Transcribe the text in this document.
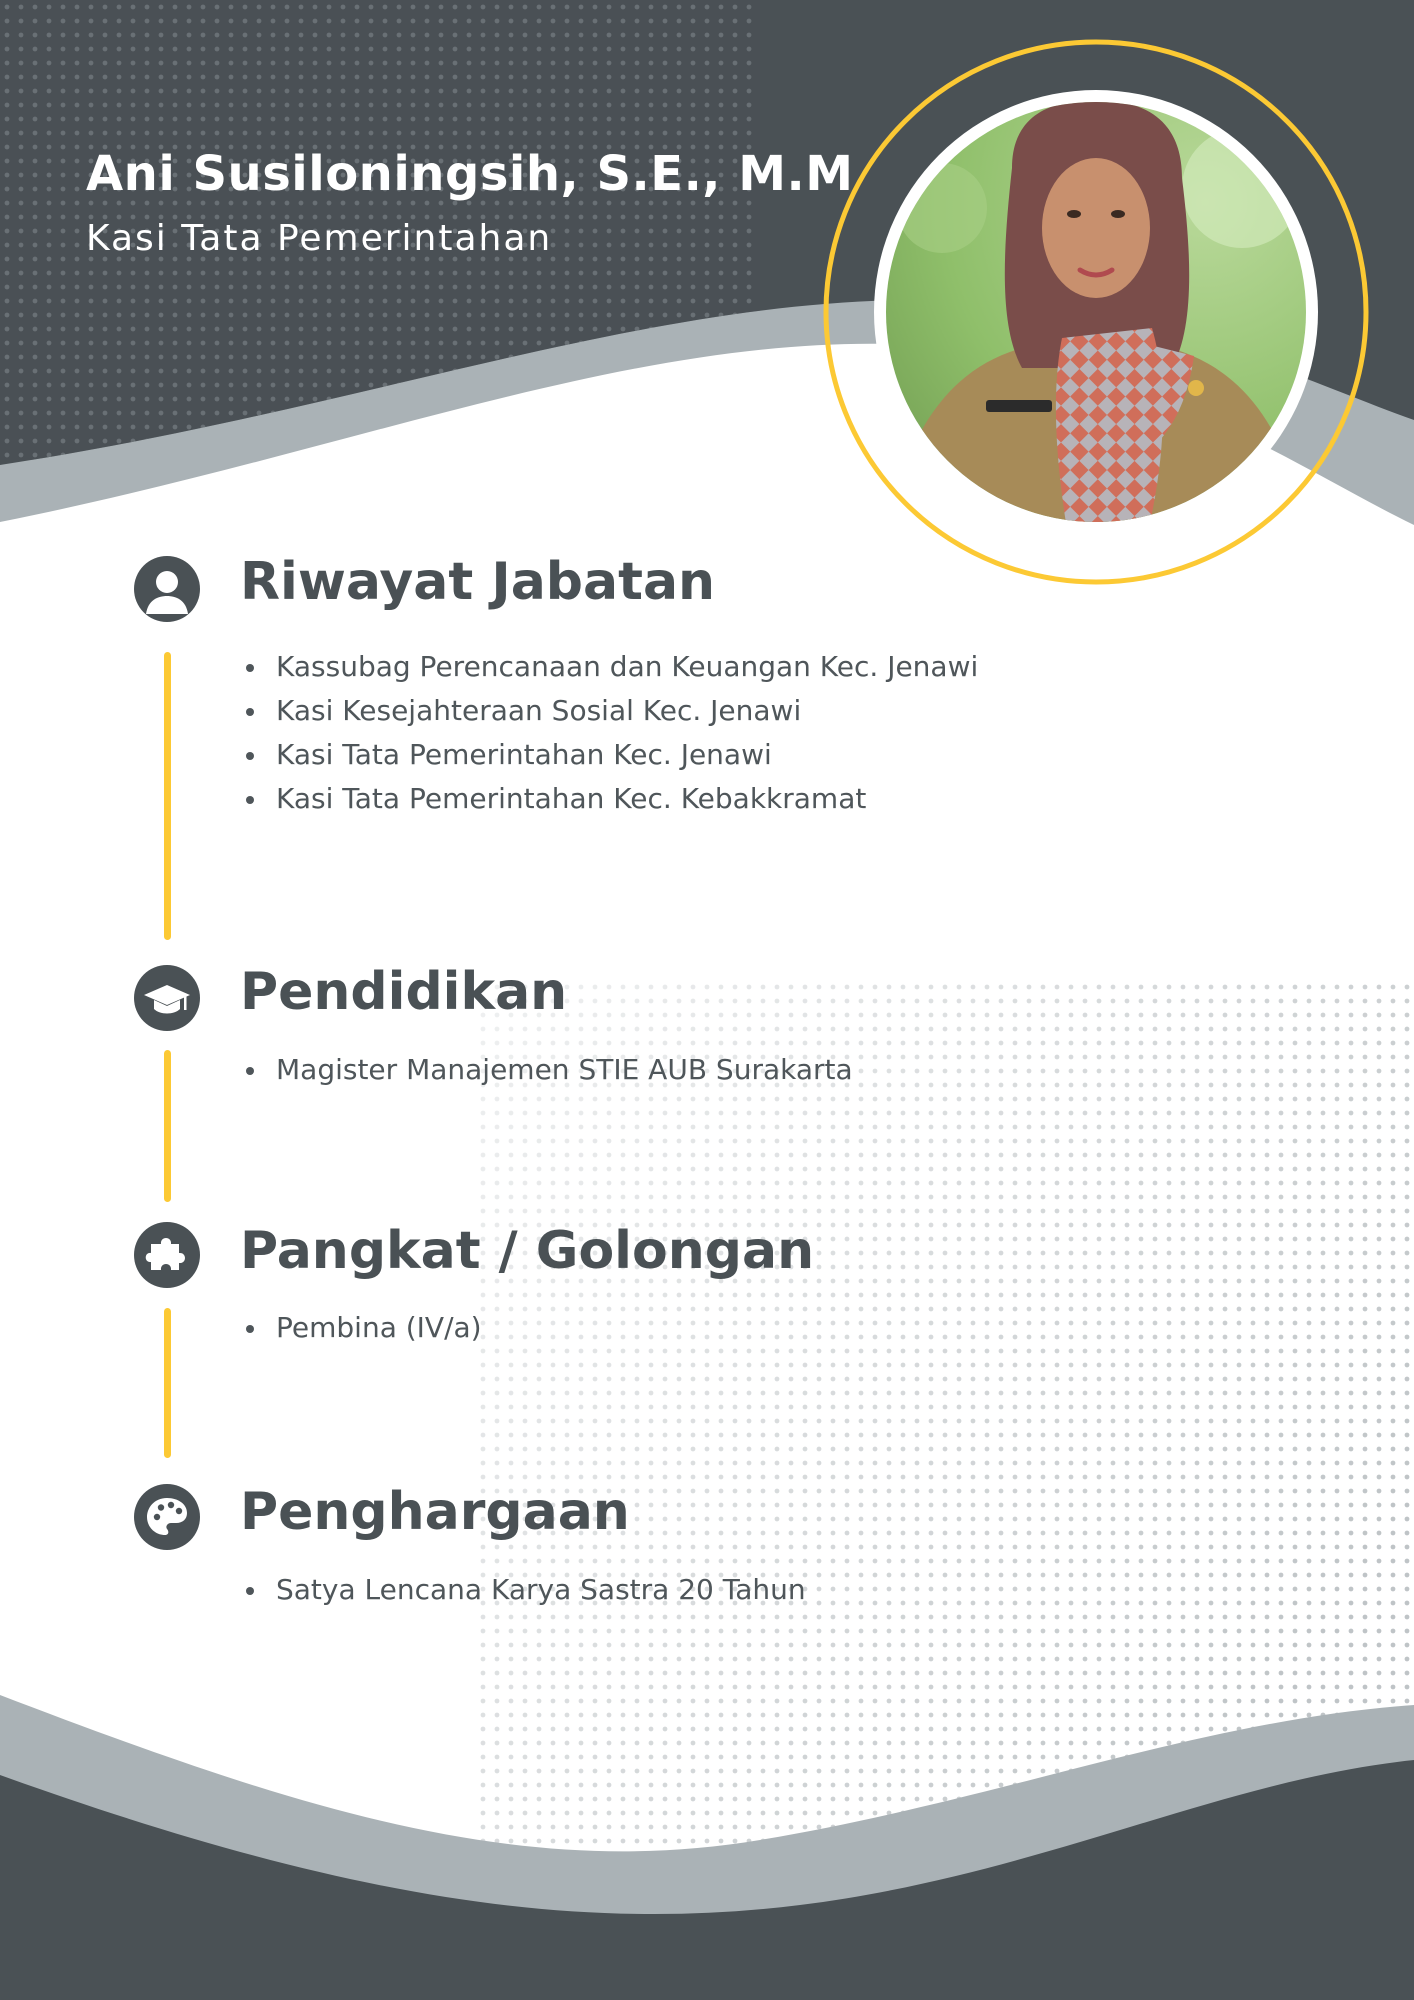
Ani Susiloningsih, S.E., M.M

Kasi Tata Pemerintahan

Riwayat Jabatan
Kassubag Perencanaan dan Keuangan Kec. Jenawi
Kasi Kesejahteraan Sosial Kec. Jenawi
Kasi Tata Pemerintahan Kec. Jenawi
Kasi Tata Pemerintahan Kec. Kebakkramat
Pendidikan
Magister Manajemen STIE AUB Surakarta
Pangkat / Golongan
Pembina (IV/a)
Penghargaan
Satya Lencana Karya Sastra 20 Tahun
